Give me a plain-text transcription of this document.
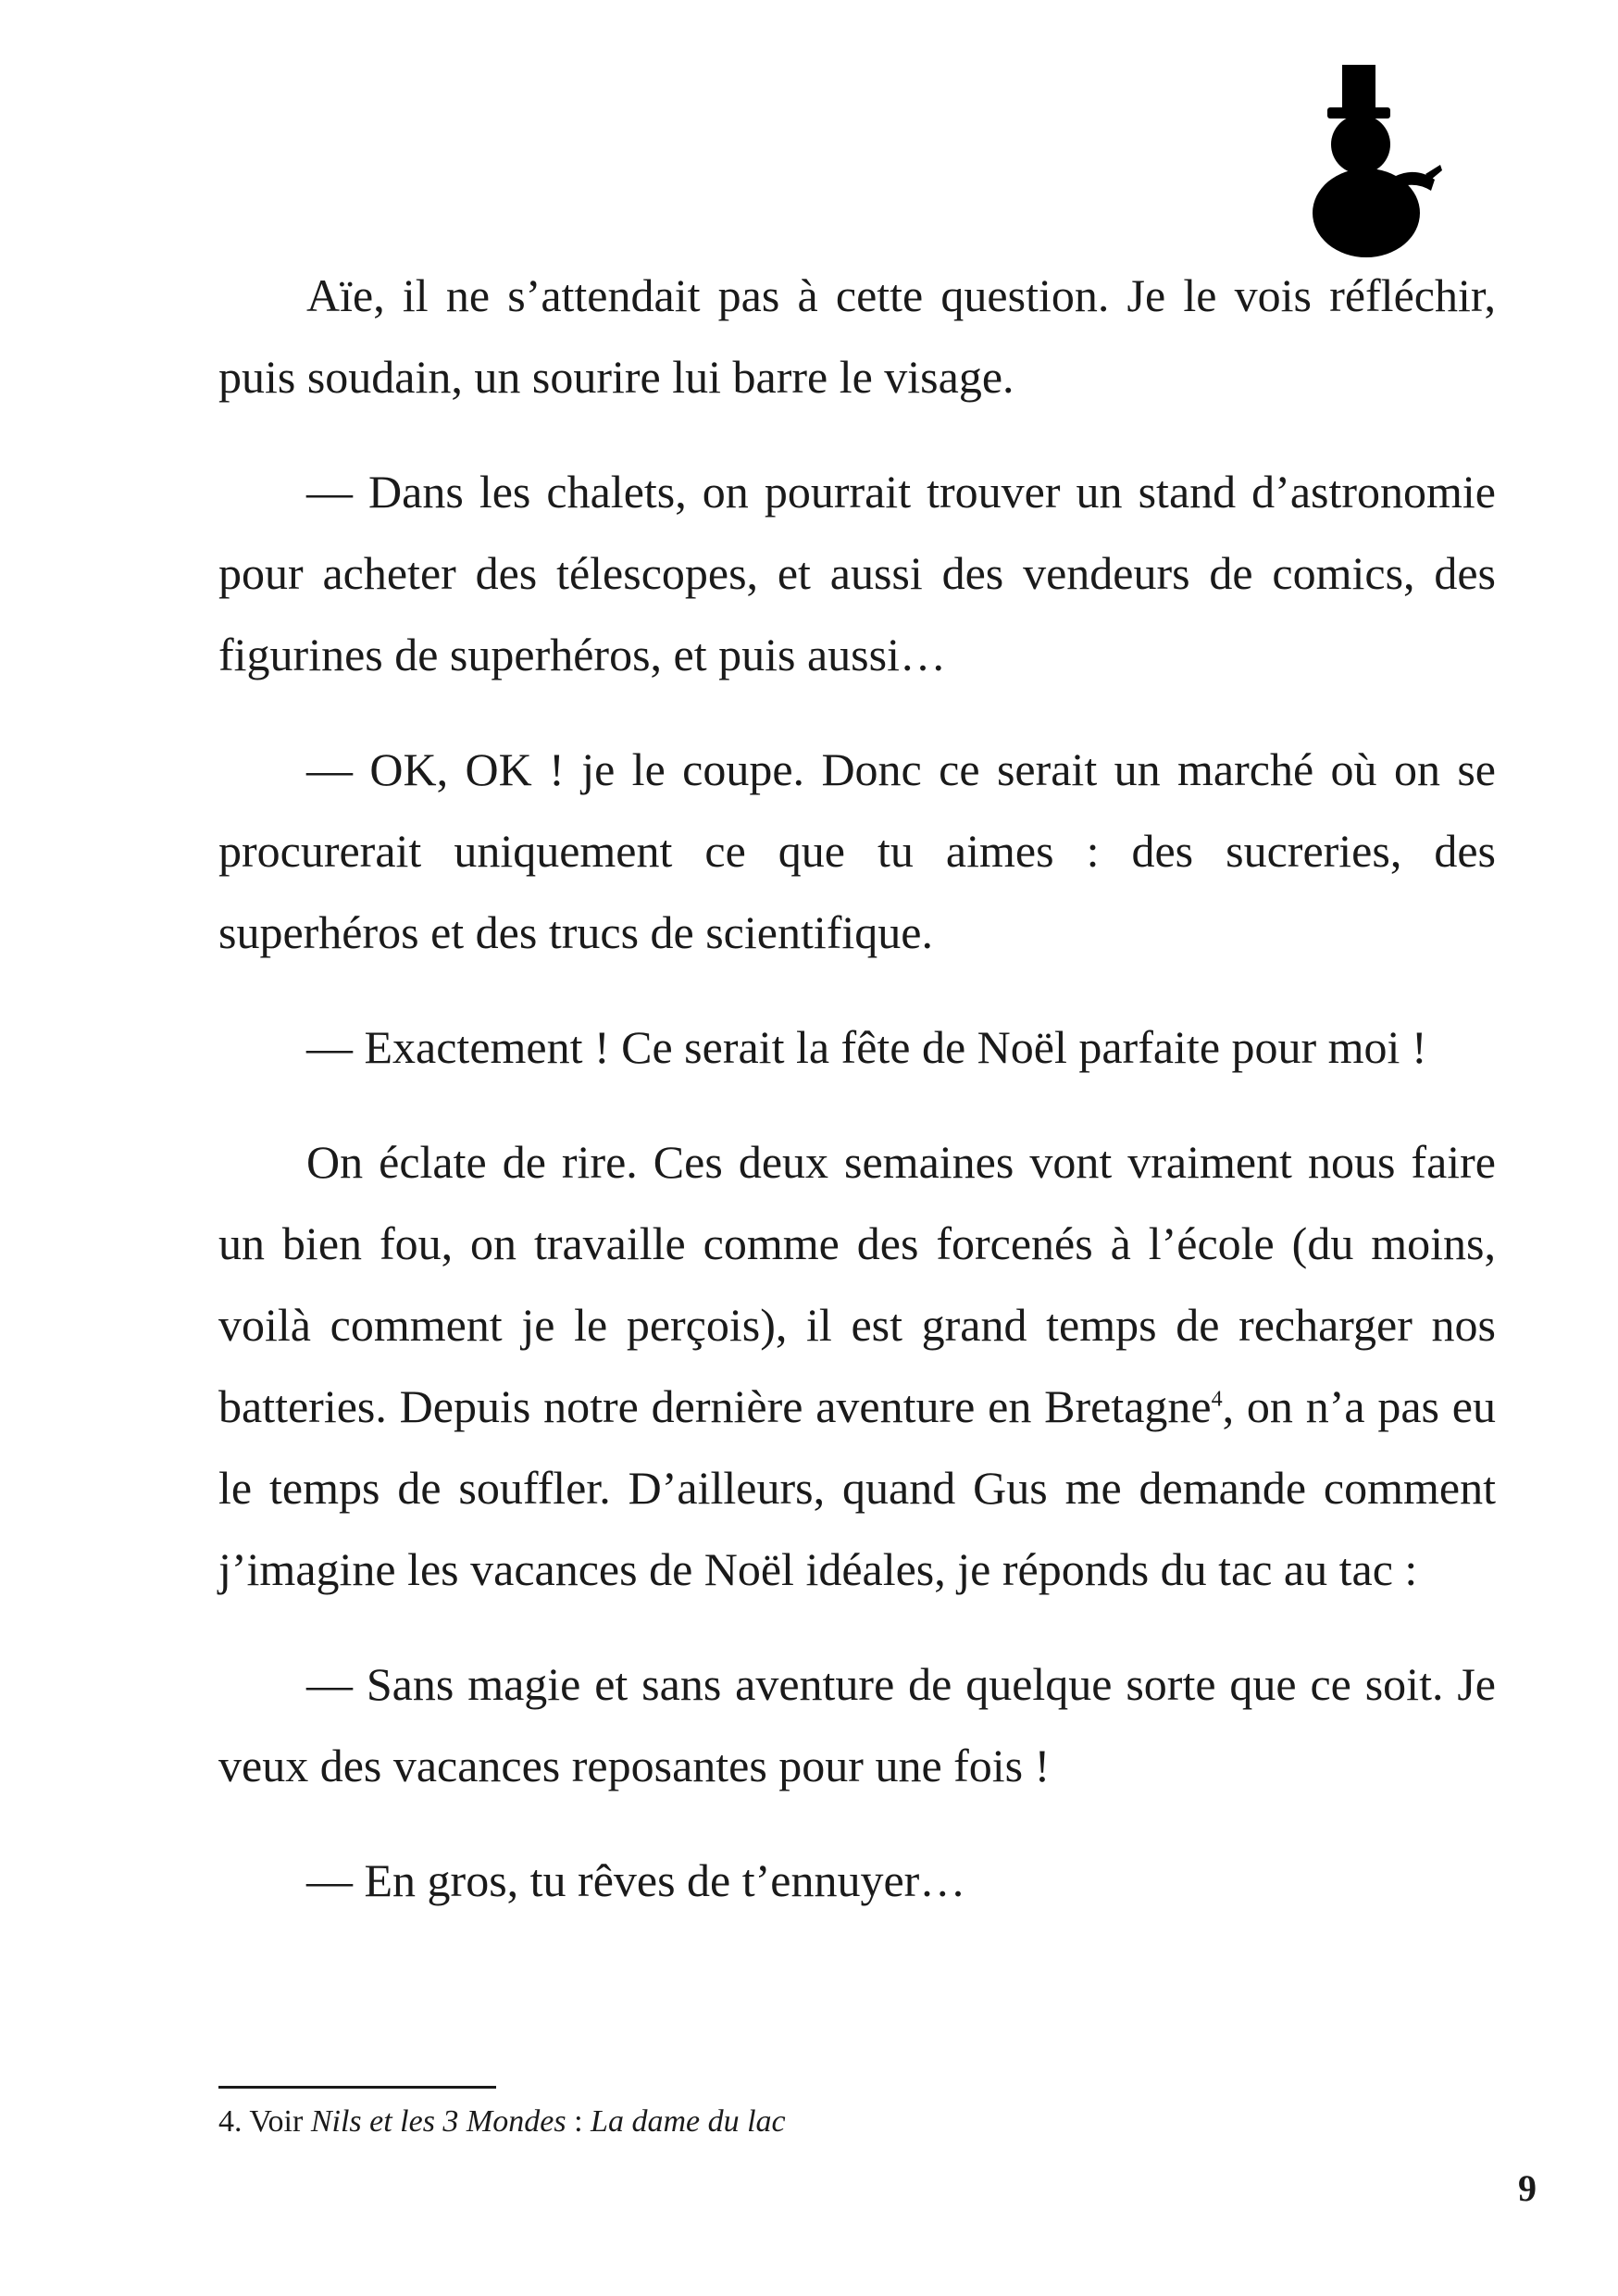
Aïe, il ne s’attendait pas à cette question. Je le vois réfléchir, puis soudain, un sourire lui barre le visage.

— Dans les chalets, on pourrait trouver un stand d’astronomie pour acheter des télescopes, et aussi des vendeurs de comics, des figurines de superhéros, et puis aussi…

— OK, OK ! je le coupe. Donc ce serait un marché où on se procurerait uniquement ce que tu aimes : des sucreries, des superhéros et des trucs de scientifique.

— Exactement ! Ce serait la fête de Noël parfaite pour moi !

On éclate de rire. Ces deux semaines vont vraiment nous faire un bien fou, on travaille comme des forcenés à l’école (du moins, voilà comment je le perçois), il est grand temps de recharger nos batteries. Depuis notre dernière aventure en Bretagne$^4$, on n’a pas eu le temps de souffler. D’ailleurs, quand Gus me demande comment j’imagine les vacances de Noël idéales, je réponds du tac au tac :

— Sans magie et sans aventure de quelque sorte que ce soit. Je veux des vacances reposantes pour une fois !

— En gros, tu rêves de t’ennuyer…

4. Voir Nils et les 3 Mondes : La dame du lac
9
